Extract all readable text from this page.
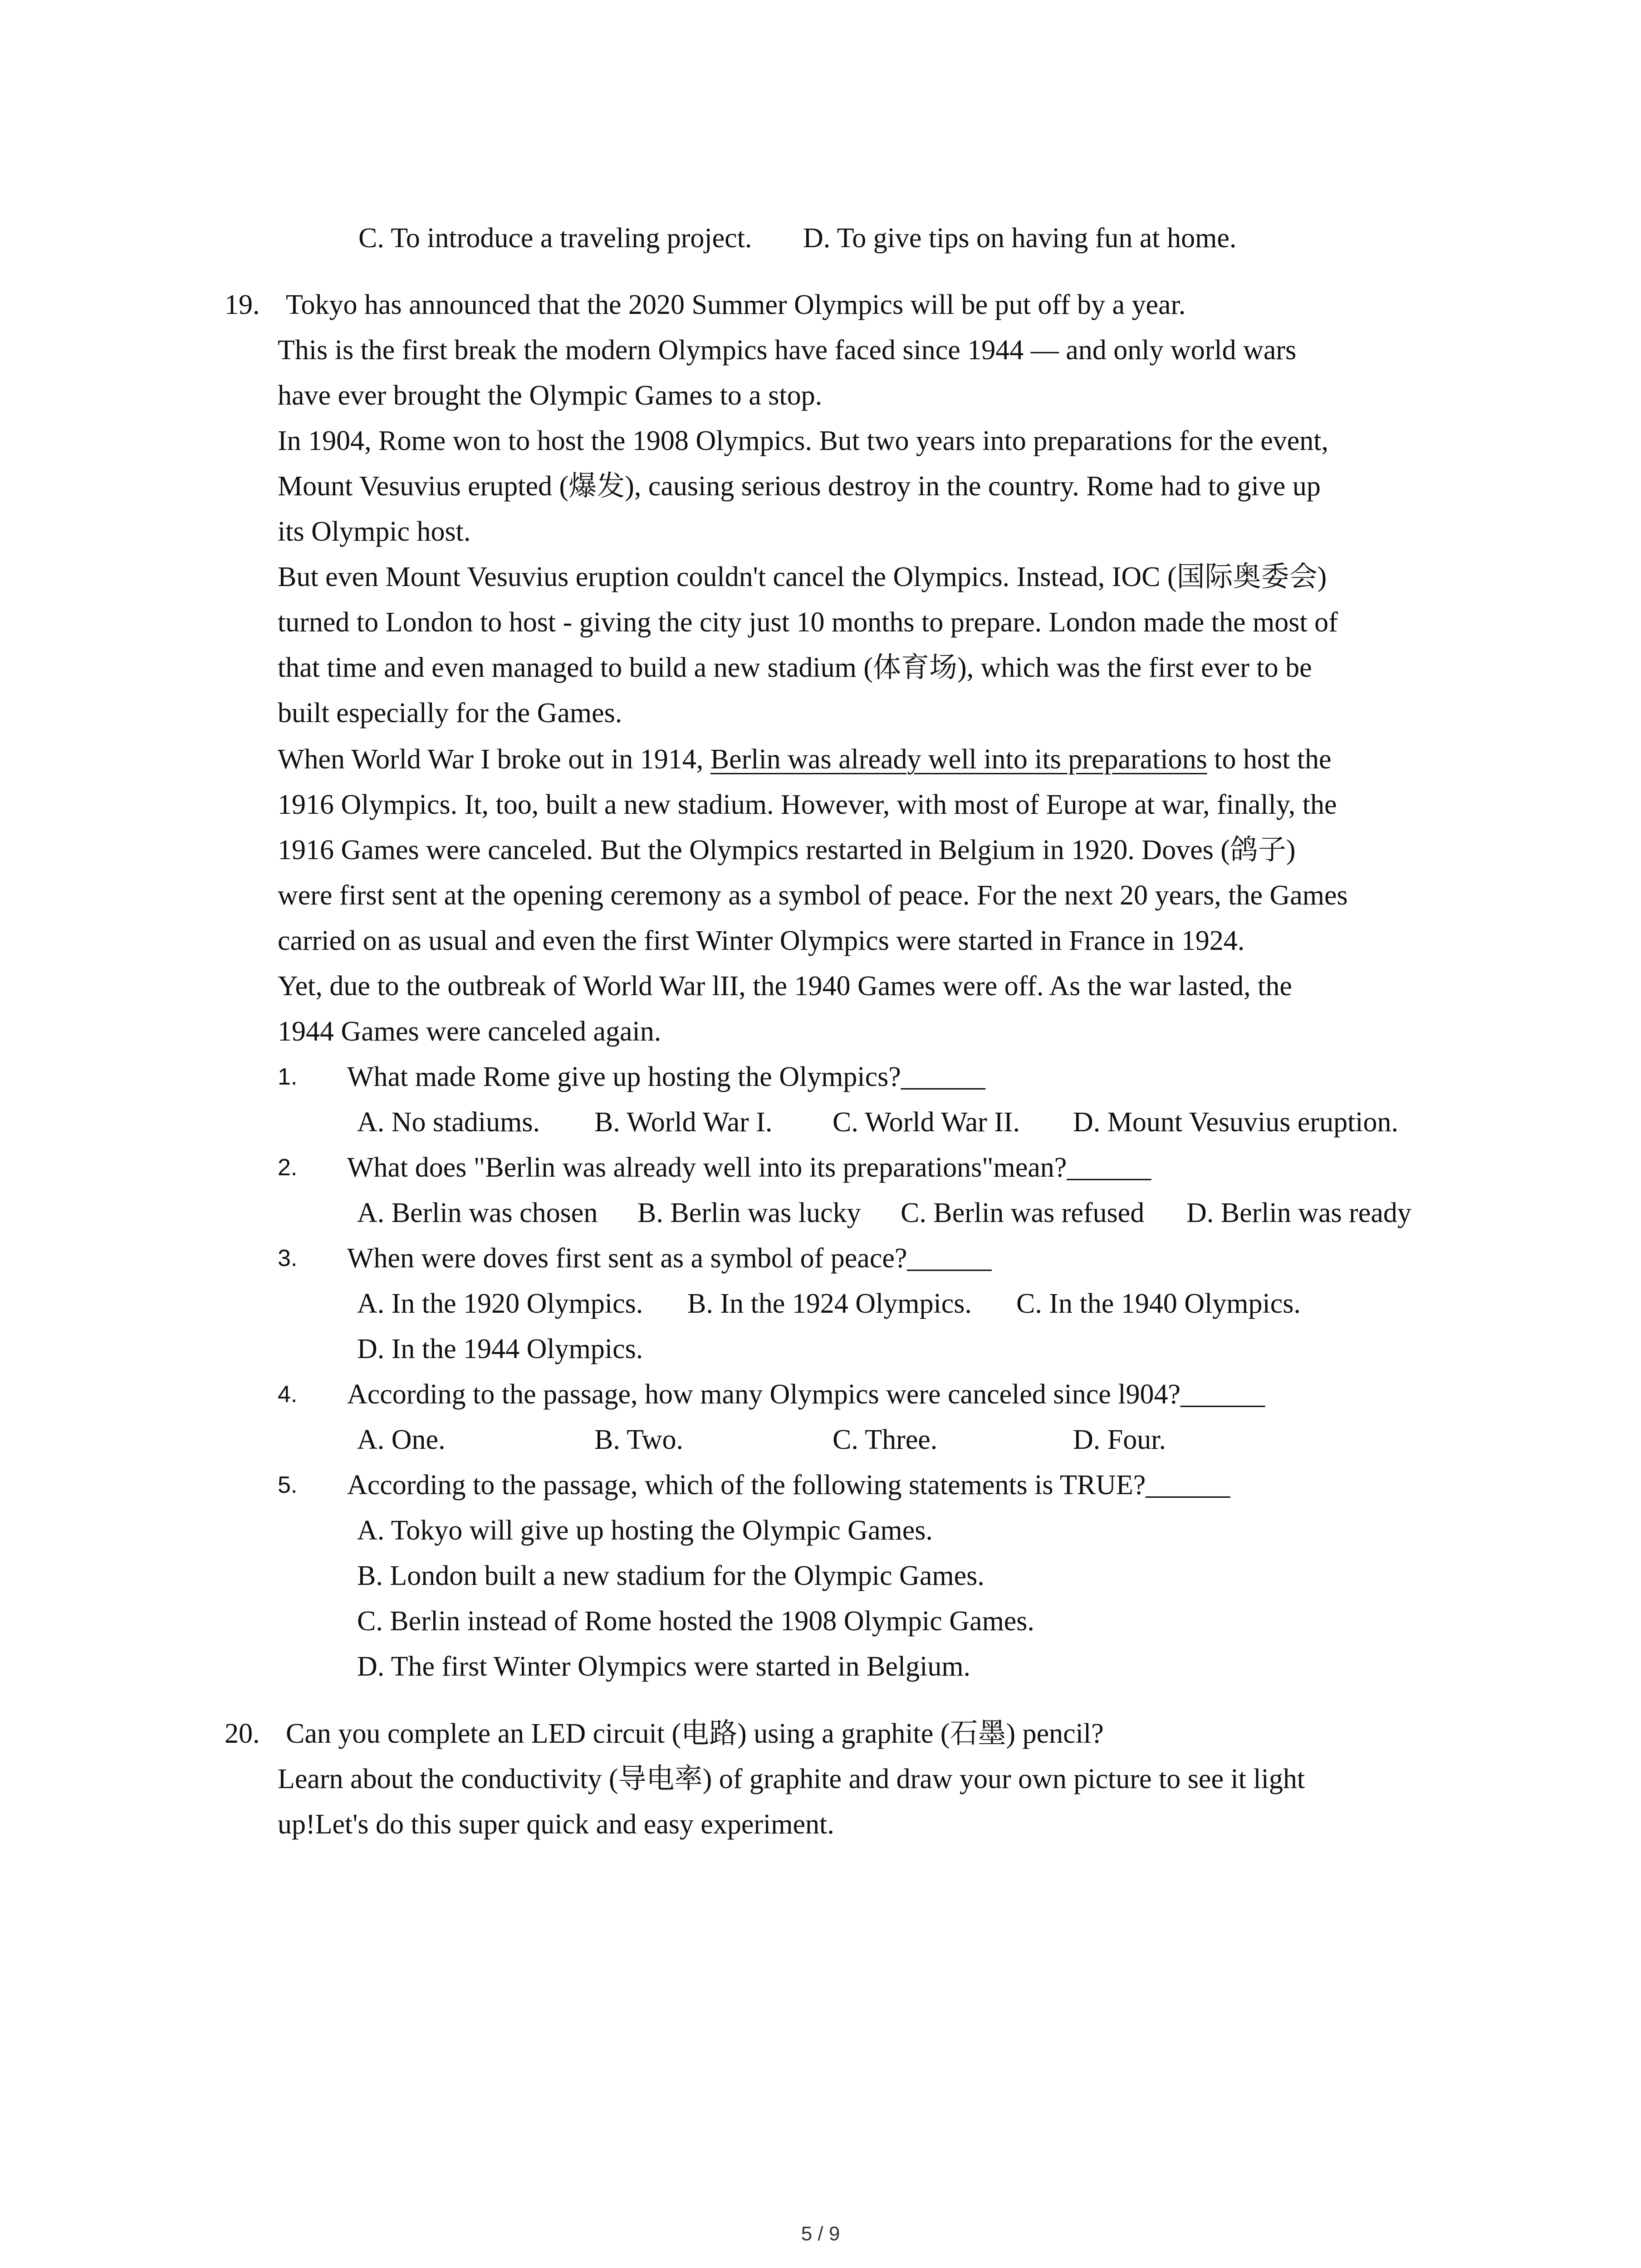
C. To introduce a traveling project. D. To give tips on having fun at home.
19. Tokyo has announced that the 2020 Summer Olympics will be put off by a year.
This is the first break the modern Olympics have faced since 1944 — and only world wars
have ever brought the Olympic Games to a stop.
In 1904, Rome won to host the 1908 Olympics. But two years into preparations for the event,
Mount Vesuvius erupted (爆发), causing serious destroy in the country. Rome had to give up
its Olympic host.
But even Mount Vesuvius eruption couldn't cancel the Olympics. Instead, IOC (国际奥委会)
turned to London to host - giving the city just 10 months to prepare. London made the most of
that time and even managed to build a new stadium (体育场), which was the first ever to be
built especially for the Games.
When World War I broke out in 1914, Berlin was already well into its preparations to host the
1916 Olympics. It, too, built a new stadium. However, with most of Europe at war, finally, the
1916 Games were canceled. But the Olympics restarted in Belgium in 1920. Doves (鸽子)
were first sent at the opening ceremony as a symbol of peace. For the next 20 years, the Games
carried on as usual and even the first Winter Olympics were started in France in 1924.
Yet, due to the outbreak of World War lII, the 1940 Games were off. As the war lasted, the
1944 Games were canceled again.
1. What made Rome give up hosting the Olympics?______
A. No stadiums. B. World War I. C. World War II. D. Mount Vesuvius eruption.
2. What does "Berlin was already well into its preparations"mean?______
A. Berlin was chosen B. Berlin was lucky C. Berlin was refused D. Berlin was ready
3. When were doves first sent as a symbol of peace?______
A. In the 1920 Olympics. B. In the 1924 Olympics. C. In the 1940 Olympics.
D. In the 1944 Olympics.
4. According to the passage, how many Olympics were canceled since l904?______
A. One.	B. Two.	C. Three.	D. Four.
5. According to the passage, which of the following statements is TRUE?______
A. Tokyo will give up hosting the Olympic Games.
B. London built a new stadium for the Olympic Games.
C. Berlin instead of Rome hosted the 1908 Olympic Games.
D. The first Winter Olympics were started in Belgium.
20. Can you complete an LED circuit (电路) using a graphite (石墨) pencil?
Learn about the conductivity (导电率) of graphite and draw your own picture to see it light
up!Let's do this super quick and easy experiment.
5 / 9
